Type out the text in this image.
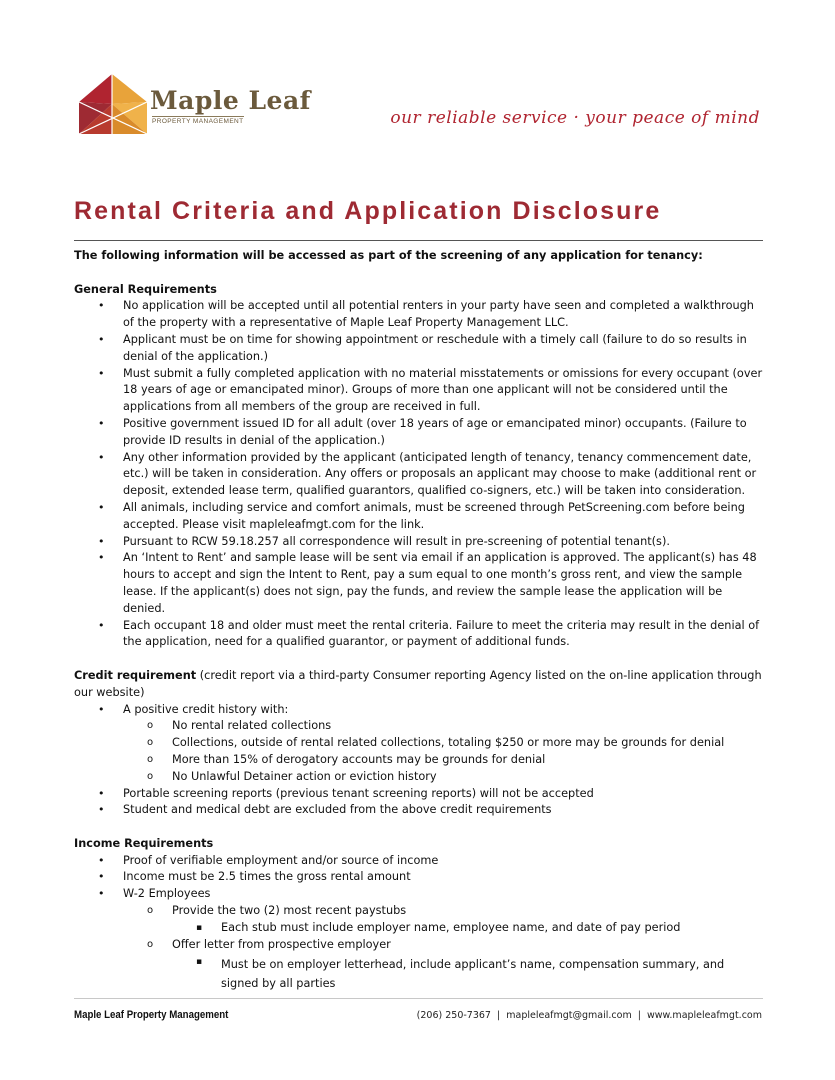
Maple Leaf
PROPERTY MANAGEMENT	our reliable service · your peace of mind
Rental Criteria and Application Disclosure
The following information will be accessed as part of the screening of any application for tenancy:
General Requirements
• No application will be accepted until all potential renters in your party have seen and completed a walkthrough of the property with a representative of Maple Leaf Property Management LLC.
• Applicant must be on time for showing appointment or reschedule with a timely call (failure to do so results in denial of the application.)
• Must submit a fully completed application with no material misstatements or omissions for every occupant (over 18 years of age or emancipated minor). Groups of more than one applicant will not be considered until the applications from all members of the group are received in full.
• Positive government issued ID for all adult (over 18 years of age or emancipated minor) occupants. (Failure to provide ID results in denial of the application.)
• Any other information provided by the applicant (anticipated length of tenancy, tenancy commencement date, etc.) will be taken in consideration. Any offers or proposals an applicant may choose to make (additional rent or deposit, extended lease term, qualified guarantors, qualified co-signers, etc.) will be taken into consideration.
• All animals, including service and comfort animals, must be screened through PetScreening.com before being accepted. Please visit mapleleafmgt.com for the link.
• Pursuant to RCW 59.18.257 all correspondence will result in pre-screening of potential tenant(s).
• An ‘Intent to Rent’ and sample lease will be sent via email if an application is approved. The applicant(s) has 48 hours to accept and sign the Intent to Rent, pay a sum equal to one month’s gross rent, and view the sample lease. If the applicant(s) does not sign, pay the funds, and review the sample lease the application will be denied.
• Each occupant 18 and older must meet the rental criteria. Failure to meet the criteria may result in the denial of the application, need for a qualified guarantor, or payment of additional funds.
Credit requirement (credit report via a third-party Consumer reporting Agency listed on the on-line application through our website)
• A positive credit history with:
o No rental related collections
o Collections, outside of rental related collections, totaling $250 or more may be grounds for denial
o More than 15% of derogatory accounts may be grounds for denial
o No Unlawful Detainer action or eviction history
• Portable screening reports (previous tenant screening reports) will not be accepted
• Student and medical debt are excluded from the above credit requirements
Income Requirements
• Proof of verifiable employment and/or source of income
• Income must be 2.5 times the gross rental amount
• W-2 Employees
o Provide the two (2) most recent paystubs
▪ Each stub must include employer name, employee name, and date of pay period
o Offer letter from prospective employer
▪ Must be on employer letterhead, include applicant’s name, compensation summary, and signed by all parties
Maple Leaf Property Management	(206) 250-7367  |  mapleleafmgt@gmail.com  |  www.mapleleafmgt.com
